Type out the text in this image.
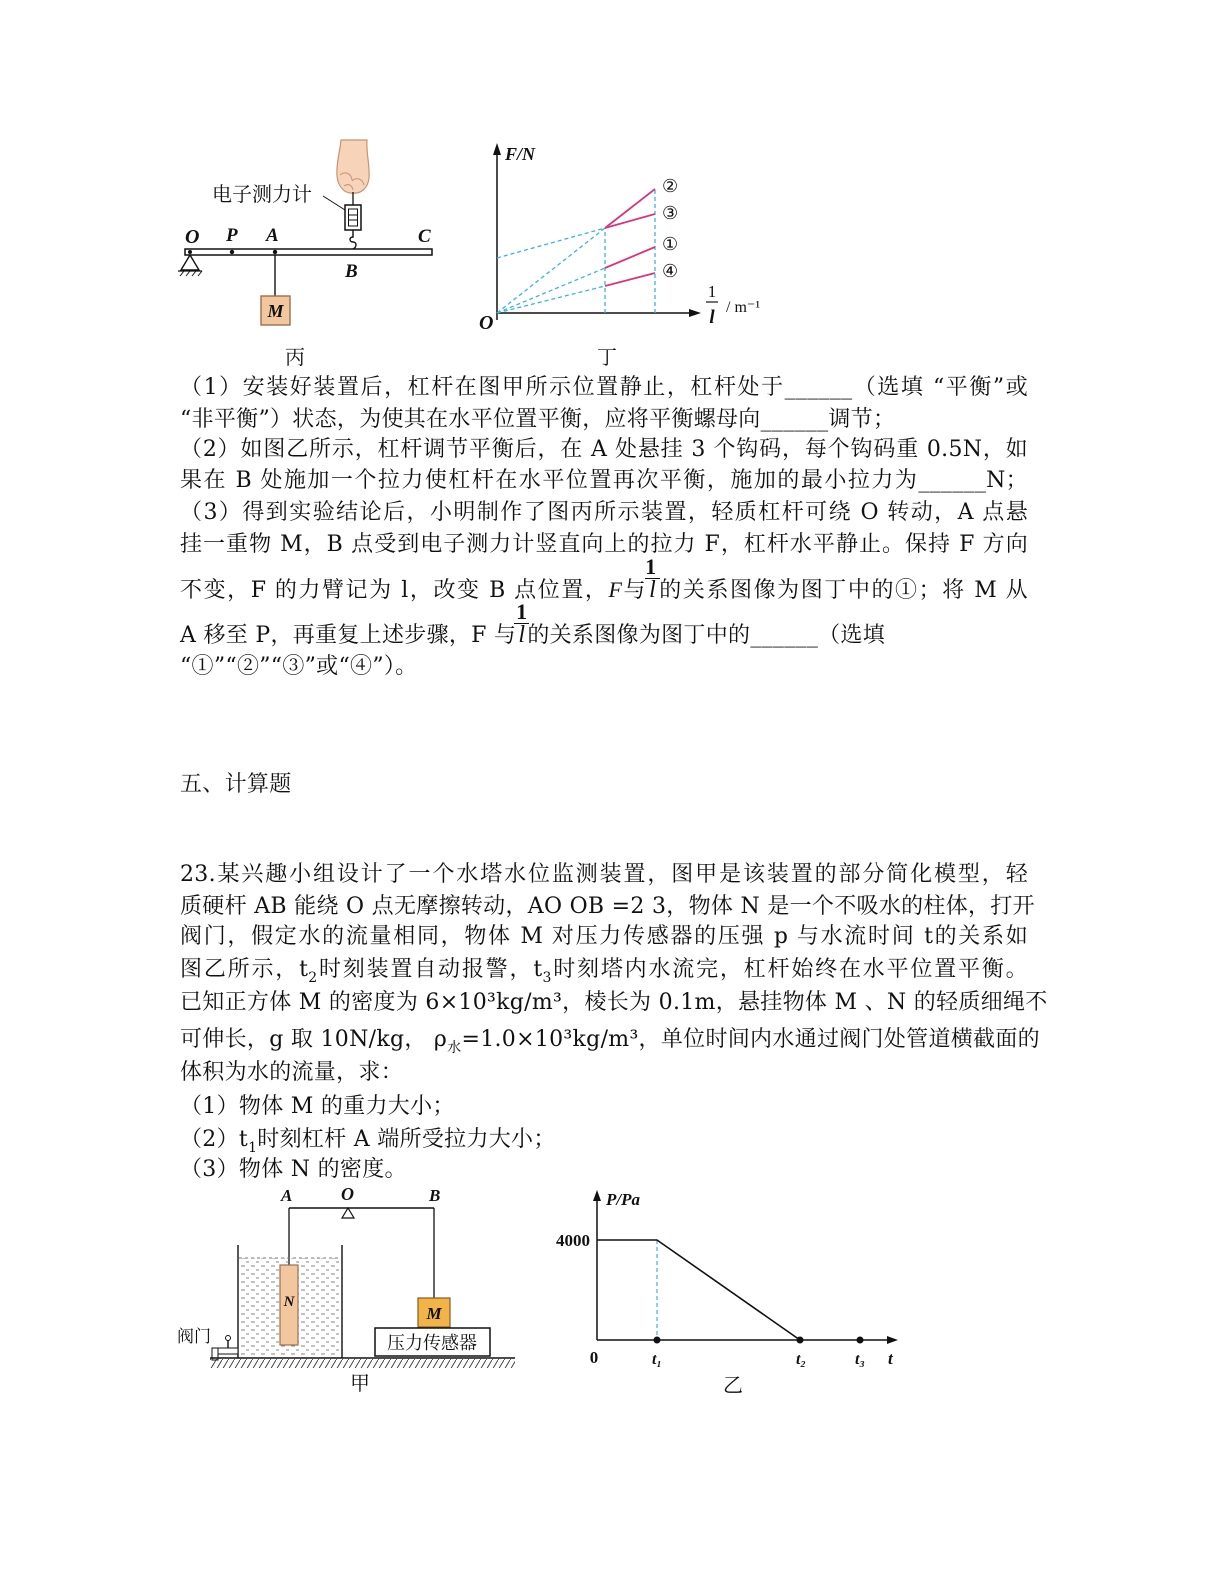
电子测力计
O P A
B
C
M
丙
F/N
O
1
l / m⁻¹
②
③
①
④
丁
（1）安装好装置后，杠杆在图甲所示位置静止，杠杆处于______（选填 “平衡”或
“非平衡”）状态，为使其在水平位置平衡，应将平衡螺母向______调节；
（2）如图乙所示，杠杆调节平衡后，在 A 处悬挂 3 个钩码，每个钩码重 0.5N，如
果在 B 处施加一个拉力使杠杆在水平位置再次平衡，施加的最小拉力为______N；
（3）得到实验结论后，小明制作了图丙所示装置，轻质杠杆可绕 O 转动，A 点悬
挂一重物 M，B 点受到电子测力计竖直向上的拉力 F，杠杆水平静止。保持 F 方向
不变，F 的力臂记为 l，改变 B 点位置，F与 $\frac{1}{l}$的关系图像为图丁中的①；将 M 从
A 移至 P，再重复上述步骤，F 与 $\frac{1}{l}$的关系图像为图丁中的______（选填
“①”“②”“③”或“④”）。
五、计算题
23.某兴趣小组设计了一个水塔水位监测装置，图甲是该装置的部分简化模型，轻
质硬杆 AB 能绕 O 点无摩擦转动，AO OB =2 3，物体 N 是一个不吸水的柱体，打开
阀门，假定水的流量相同，物体 M 对压力传感器的压强 p 与水流时间 t的关系如
图乙所示，$t_2$时刻装置自动报警，$t_3$时刻塔内水流完，杠杆始终在水平位置平衡。
已知正方体 M 的密度为 6×10³kg/m³，棱长为 0.1m，悬挂物体 M 、N 的轻质细绳不
可伸长，g 取 10N/kg， $\rho_水=1.0\times 10^3kg/m^3$，单位时间内水通过阀门处管道横截面的
体积为水的流量，求：
（1）物体 M 的重力大小；
$(2)t_1$时刻杠杆 A 端所受拉力大小；
（3）物体 N 的密度。
A	O	B
N
M
压力传感器
阀门
甲
P/Pa
4000
0	t₁	t₂	t₃ t
乙
